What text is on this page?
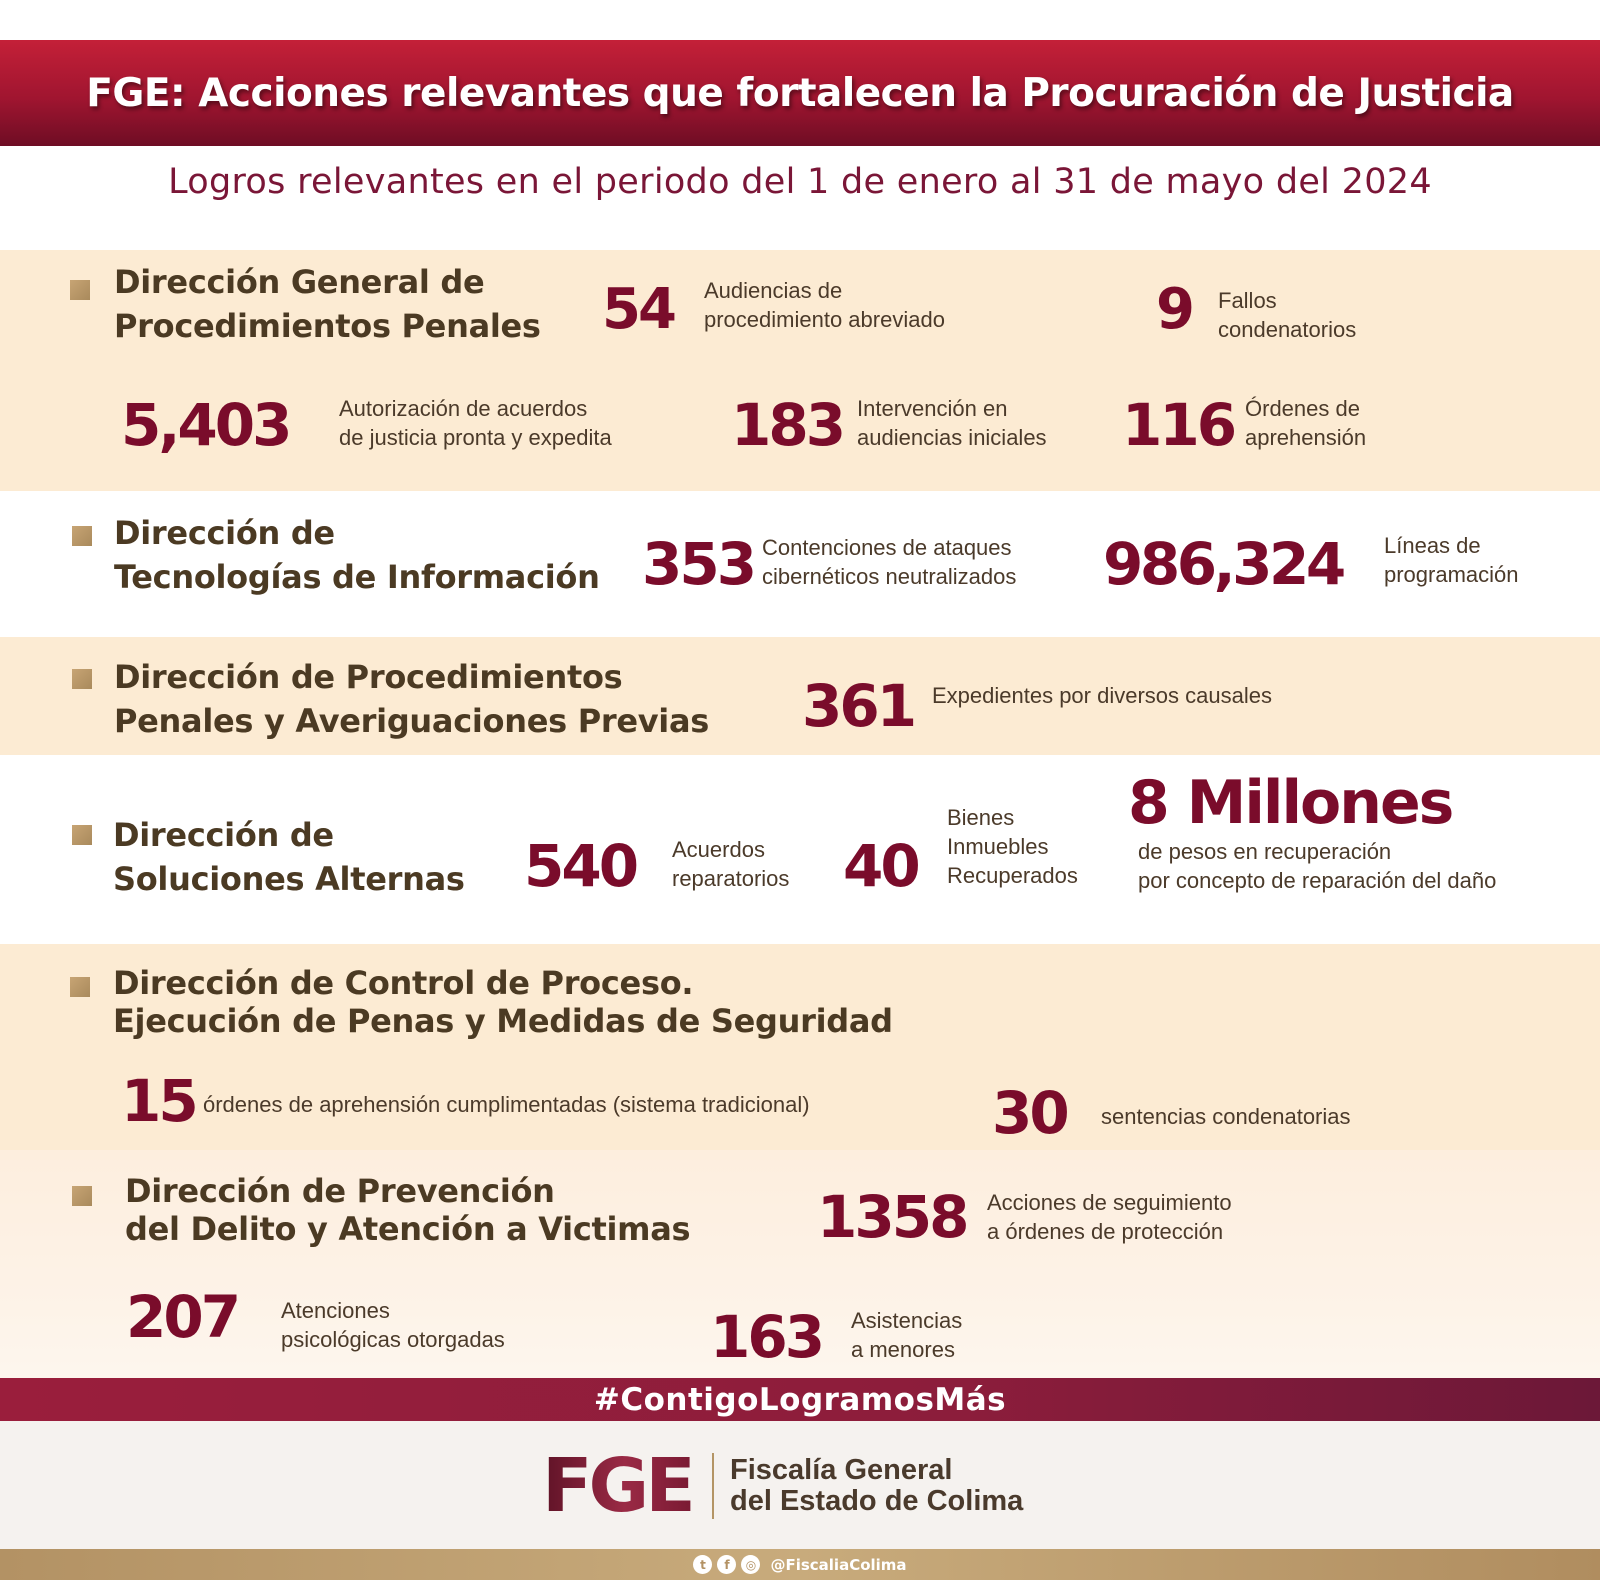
FGE: Acciones relevantes que fortalecen la Procuración de Justicia
Logros relevantes en el periodo del 1 de enero al 31 de mayo del 2024
Dirección General de
Procedimientos Penales 54 Audiencias de
procedimiento abreviado	9 Fallos
condenatorios
5,403 Autorización de acuerdos
de justicia pronta y expedita 183 Intervención en
audiencias iniciales 116 Órdenes de
aprehensión
Dirección de
Tecnologías de Información 353 Contenciones de ataques
cibernéticos neutralizados 986,324 Líneas de
programación
Dirección de Procedimientos
Penales y Averiguaciones Previas 361 Expedientes por diversos causales
Dirección de
Soluciones Alternas 540 Acuerdos
reparatorios 40
Bienes
Inmuebles
Recuperados
8 Millones
de pesos en recuperación
por concepto de reparación del daño
Dirección de Control de Proceso.
Ejecución de Penas y Medidas de Seguridad
15 órdenes de aprehensión cumplimentadas (sistema tradicional)	30 sentencias condenatorias
Dirección de Prevención
del Delito y Atención a Victimas 1358 Acciones de seguimiento
a órdenes de protección
207 Atenciones
psicológicas otorgadas	163 Asistencias
a menores
#ContigoLogramosMás
FGE Fiscalía General
del Estado de Colima
t	f	◎ @FiscaliaColima
